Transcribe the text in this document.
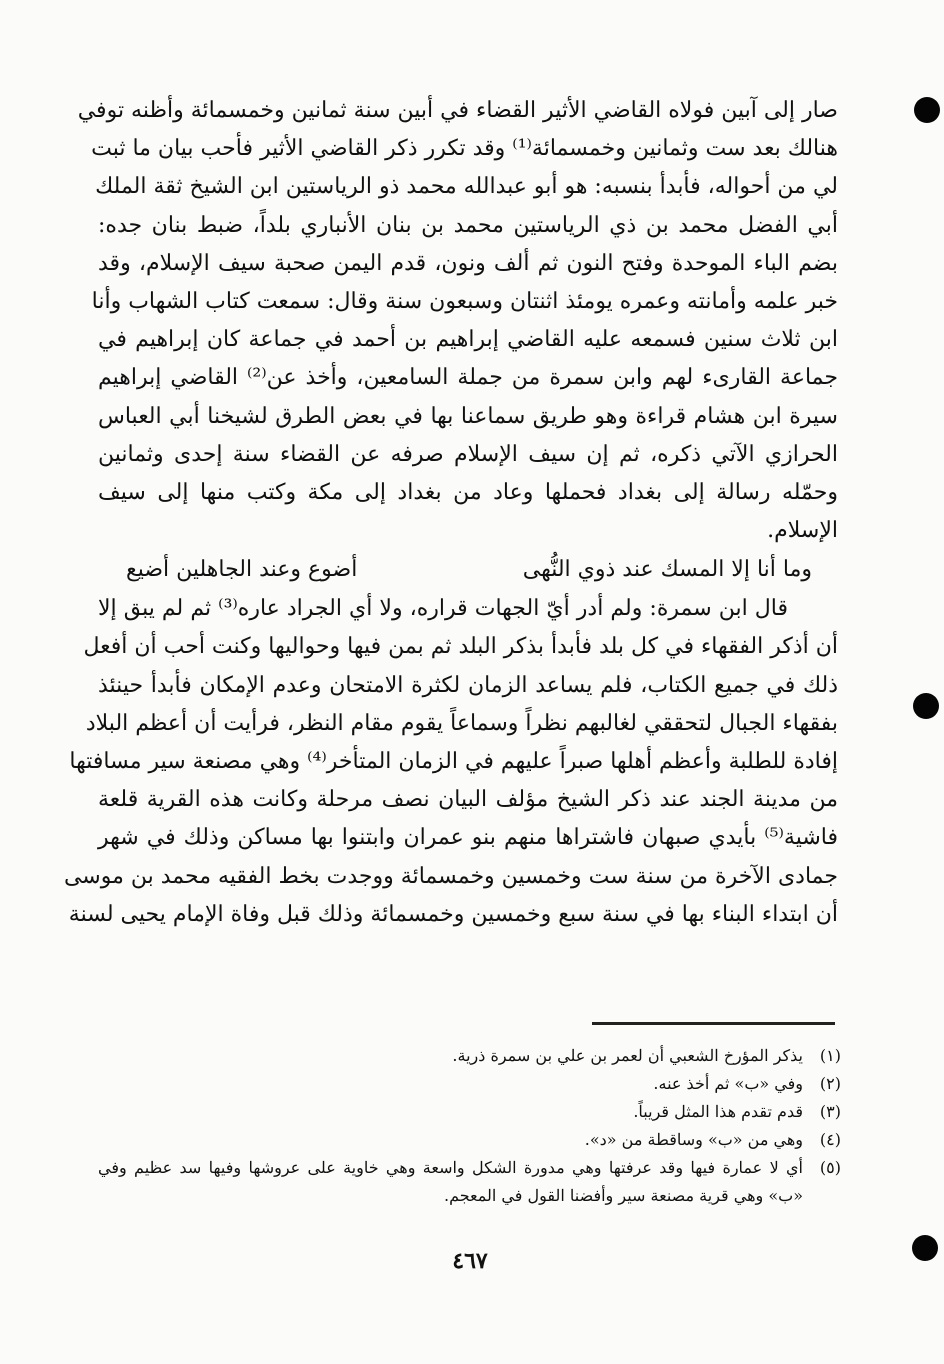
صار إلى آبين فولاه القاضي الأثير القضاء في أبين سنة ثمانين وخمسمائة وأظنه توفي
هنالك بعد ست وثمانين وخمسمائة⁽¹⁾ وقد تكرر ذكر القاضي الأثير فأحب بيان ما ثبت
لي من أحواله، فأبدأ بنسبه: هو أبو عبدالله محمد ذو الرياستين ابن الشيخ ثقة الملك
أبي الفضل محمد بن ذي الرياستين محمد بن بنان الأنباري بلداً، ضبط بنان جده:
بضم الباء الموحدة وفتح النون ثم ألف ونون، قدم اليمن صحبة سيف الإسلام، وقد
خبر علمه وأمانته وعمره يومئذ اثنتان وسبعون سنة وقال: سمعت كتاب الشهاب وأنا
ابن ثلاث سنين فسمعه عليه القاضي إبراهيم بن أحمد في جماعة كان إبراهيم في
جماعة القارىء لهم وابن سمرة من جملة السامعين، وأخذ عن⁽²⁾ القاضي إبراهيم
سيرة ابن هشام قراءة وهو طريق سماعنا بها في بعض الطرق لشيخنا أبي العباس
الحرازي الآتي ذكره، ثم إن سيف الإسلام صرفه عن القضاء سنة إحدى وثمانين
وحمّله رسالة إلى بغداد فحملها وعاد من بغداد إلى مكة وكتب منها إلى سيف
الإسلام.
وما أنا إلا المسك عند ذوي النُّهى
أضوع وعند الجاهلين أضيع
قال ابن سمرة: ولم أدر أيّ الجهات قراره، ولا أي الجراد عاره⁽³⁾ ثم لم يبق إلا
أن أذكر الفقهاء في كل بلد فأبدأ بذكر البلد ثم بمن فيها وحواليها وكنت أحب أن أفعل
ذلك في جميع الكتاب، فلم يساعد الزمان لكثرة الامتحان وعدم الإمكان فأبدأ حينئذ
بفقهاء الجبال لتحققي لغالبهم نظراً وسماعاً يقوم مقام النظر، فرأيت أن أعظم البلاد
إفادة للطلبة وأعظم أهلها صبراً عليهم في الزمان المتأخر⁽⁴⁾ وهي مصنعة سير مسافتها
من مدينة الجند عند ذكر الشيخ مؤلف البيان نصف مرحلة وكانت هذه القرية قلعة
فاشية⁽⁵⁾ بأيدي صبهان فاشتراها منهم بنو عمران وابتنوا بها مساكن وذلك في شهر
جمادى الآخرة من سنة ست وخمسين وخمسمائة ووجدت بخط الفقيه محمد بن موسى
أن ابتداء البناء بها في سنة سبع وخمسين وخمسمائة وذلك قبل وفاة الإمام يحيى لسنة
(١)
يذكر المؤرخ الشعبي أن لعمر بن علي بن سمرة ذرية.
(٢)
وفي «ب» ثم أخذ عنه.
(٣)
قدم تقدم هذا المثل قريباً.
(٤)
وهي من «ب» وساقطة من «د».
(٥)
أي لا عمارة فيها وقد عرفتها وهي مدورة الشكل واسعة وهي خاوية على عروشها وفيها سد عظيم وفي
«ب» وهي قرية مصنعة سير وأفضنا القول في المعجم.
٤٦٧
